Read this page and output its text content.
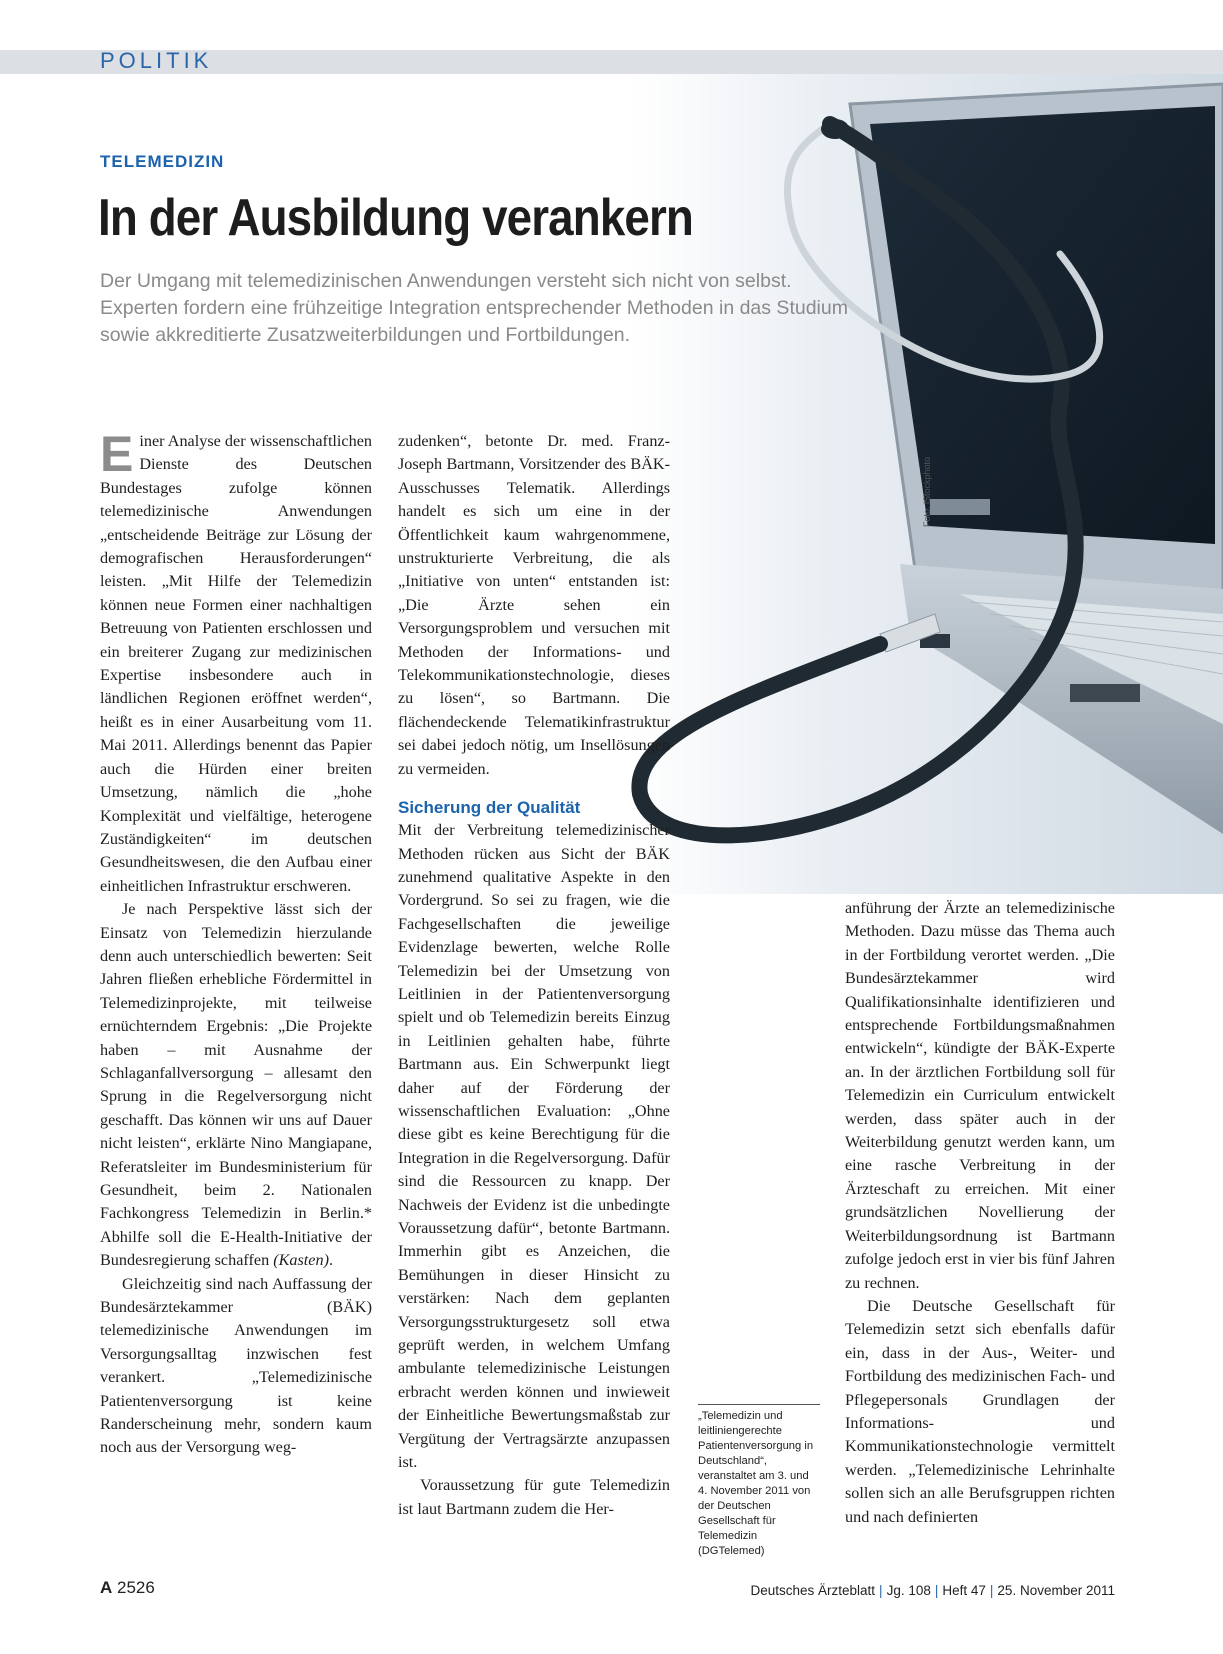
POLITIK
Foto: iStockphoto
TELEMEDIZIN
In der Ausbildung verankern
Der Umgang mit telemedizinischen Anwendungen versteht sich nicht von selbst. Experten fordern eine frühzeitige Integration entsprechender Methoden in das Studium sowie akkreditierte Zusatzweiterbildungen und Fortbildungen.
E iner Analyse der wissenschaftlichen Dienste des Deutschen Bundestages zufolge können telemedizinische Anwendungen „entscheidende Beiträge zur Lösung der demografischen Herausforderungen“ leisten. „Mit Hilfe der Telemedizin können neue Formen einer nachhaltigen Betreuung von Patienten erschlossen und ein breiterer Zugang zur medizinischen Expertise insbesondere auch in ländlichen Regionen eröffnet werden“, heißt es in einer Ausarbeitung vom 11. Mai 2011. Allerdings benennt das Papier auch die Hürden einer breiten Umsetzung, nämlich die „hohe Komplexität und vielfältige, heterogene Zuständigkeiten“ im deutschen Gesundheitswesen, die den Aufbau einer einheitlichen Infrastruktur erschweren.

Je nach Perspektive lässt sich der Einsatz von Telemedizin hierzulande denn auch unterschiedlich bewerten: Seit Jahren fließen erhebliche Fördermittel in Telemedizinprojekte, mit teilweise ernüchterndem Ergebnis: „Die Projekte haben – mit Ausnahme der Schlaganfallversorgung – allesamt den Sprung in die Regelversorgung nicht geschafft. Das können wir uns auf Dauer nicht leisten“, erklärte Nino Mangiapane, Referatsleiter im Bundesministerium für Gesundheit, beim 2. Nationalen Fachkongress Telemedizin in Berlin.* Abhilfe soll die E-Health-Initiative der Bundesregierung schaffen (Kasten).

Gleichzeitig sind nach Auffassung der Bundesärztekammer (BÄK) telemedizinische Anwendungen im Versorgungsalltag inzwischen fest verankert. „Telemedizinische Patientenversorgung ist keine Randerscheinung mehr, sondern kaum noch aus der Versorgung weg-

zudenken“, betonte Dr. med. Franz-Joseph Bartmann, Vorsitzender des BÄK-Ausschusses Telematik. Allerdings handelt es sich um eine in der Öffentlichkeit kaum wahrgenommene, unstrukturierte Verbreitung, die als „Initiative von unten“ entstanden ist: „Die Ärzte sehen ein Versorgungsproblem und versuchen mit Methoden der Informations- und Telekommunikationstechnologie, dieses zu lösen“, so Bartmann. Die flächendeckende Telematikinfrastruktur sei dabei jedoch nötig, um Insellösungen zu vermeiden.

Sicherung der Qualität

Mit der Verbreitung telemedizinischer Methoden rücken aus Sicht der BÄK zunehmend qualitative Aspekte in den Vordergrund. So sei zu fragen, wie die Fachgesellschaften die jeweilige Evidenzlage bewerten, welche Rolle Telemedizin bei der Umsetzung von Leitlinien in der Patientenversorgung spielt und ob Telemedizin bereits Einzug in Leitlinien gehalten habe, führte Bartmann aus. Ein Schwerpunkt liegt daher auf der Förderung der wissenschaftlichen Evaluation: „Ohne diese gibt es keine Berechtigung für die Integration in die Regelversorgung. Dafür sind die Ressourcen zu knapp. Der Nachweis der Evidenz ist die unbedingte Voraussetzung dafür“, betonte Bartmann. Immerhin gibt es Anzeichen, die Bemühungen in dieser Hinsicht zu verstärken: Nach dem geplanten Versorgungsstrukturgesetz soll etwa geprüft werden, in welchem Umfang ambulante telemedizinische Leistungen erbracht werden können und inwieweit der Einheitliche Bewertungsmaßstab zur Vergütung der Vertragsärzte anzupassen ist.

Voraussetzung für gute Telemedizin ist laut Bartmann zudem die Her-

„Telemedizin und leitliniengerechte Patientenversorgung in Deutschland“, veranstaltet am 3. und 4. November 2011 von der Deutschen Gesellschaft für Telemedizin (DGTelemed)

anführung der Ärzte an telemedizinische Methoden. Dazu müsse das Thema auch in der Fortbildung verortet werden. „Die Bundesärztekammer wird Qualifikationsinhalte identifizieren und entsprechende Fortbildungsmaßnahmen entwickeln“, kündigte der BÄK-Experte an. In der ärztlichen Fortbildung soll für Telemedizin ein Curriculum entwickelt werden, dass später auch in der Weiterbildung genutzt werden kann, um eine rasche Verbreitung in der Ärzteschaft zu erreichen. Mit einer grundsätzlichen Novellierung der Weiterbildungsordnung ist Bartmann zufolge jedoch erst in vier bis fünf Jahren zu rechnen.

Die Deutsche Gesellschaft für Telemedizin setzt sich ebenfalls dafür ein, dass in der Aus-, Weiter- und Fortbildung des medizinischen Fach- und Pflegepersonals Grundlagen der Informations- und Kommunikationstechnologie vermittelt werden. „Telemedizinische Lehrinhalte sollen sich an alle Berufsgruppen richten und nach definierten

A 2526	Deutsches Ärzteblatt | Jg. 108 | Heft 47 | 25. November 2011
